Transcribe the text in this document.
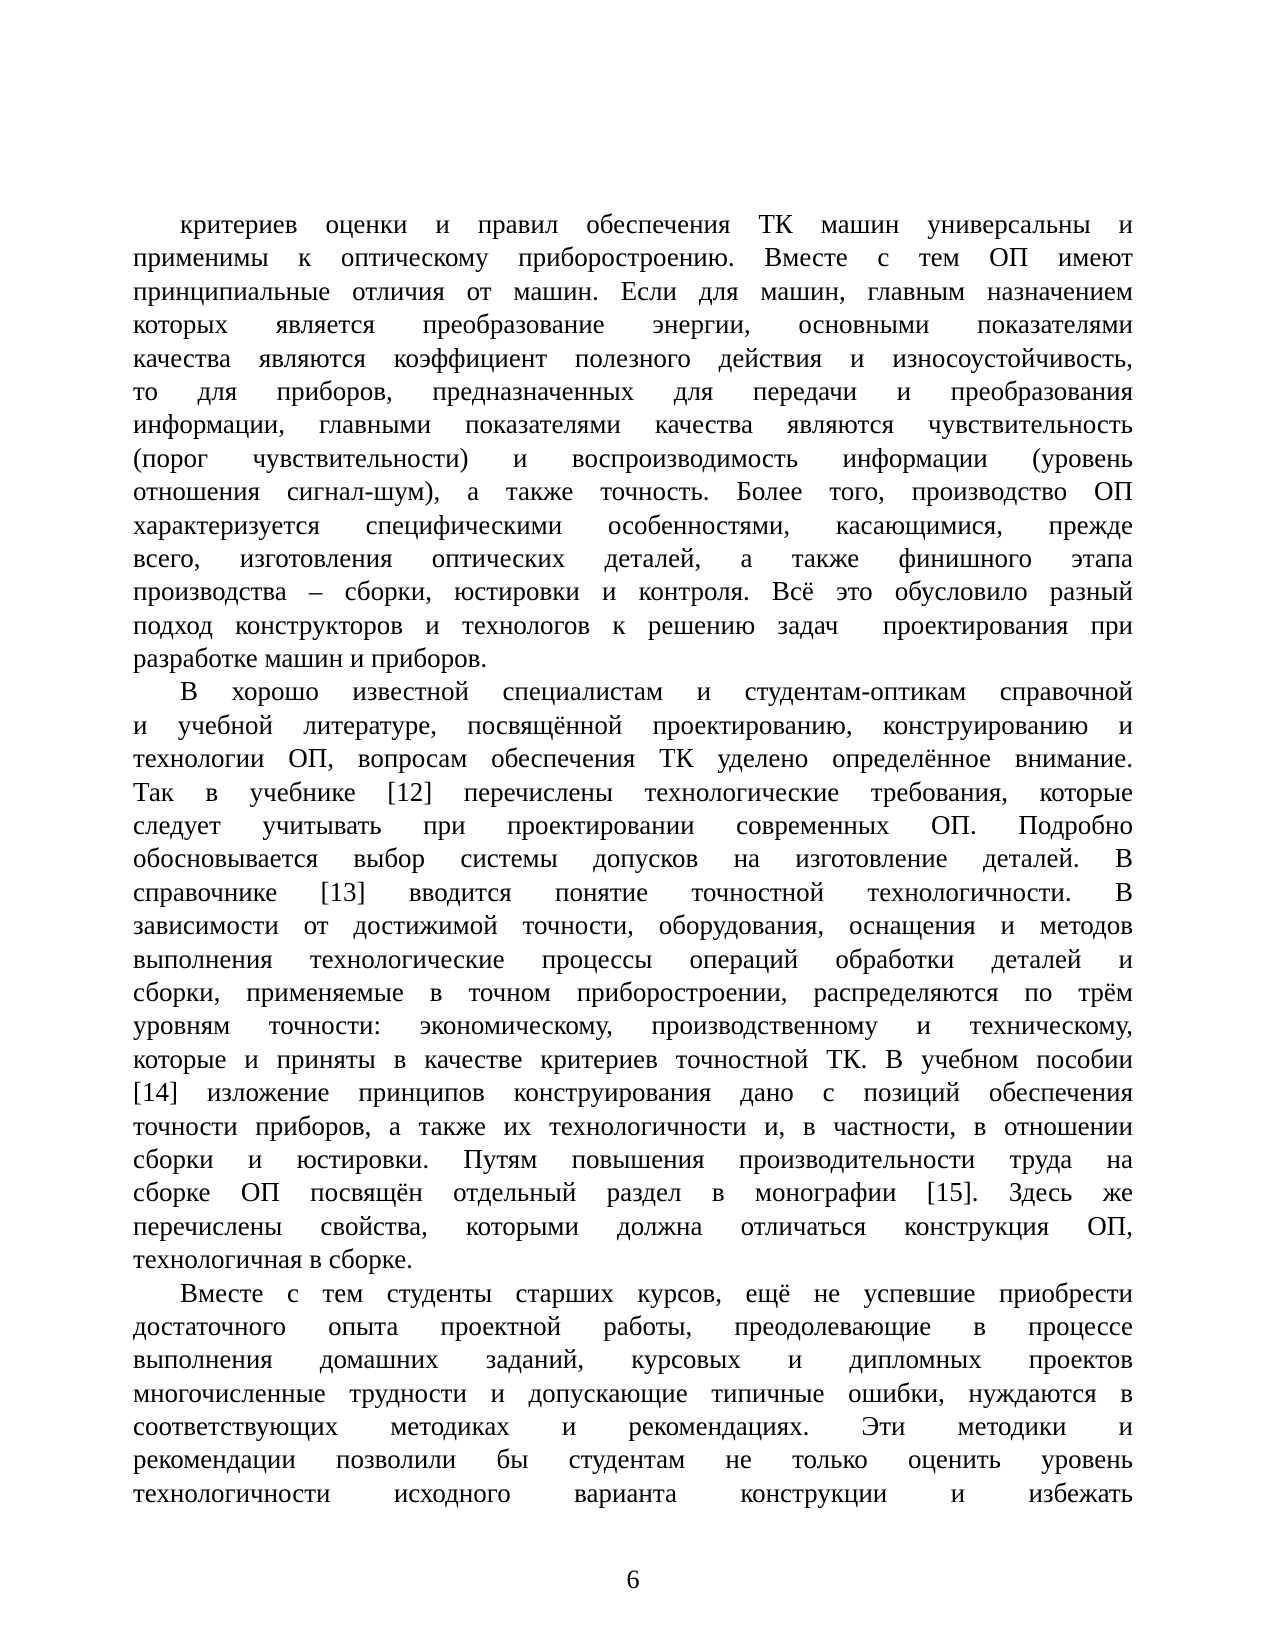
критериев оценки и правил обеспечения ТК машин универсальны и
применимы к оптическому приборостроению. Вместе с тем ОП имеют
принципиальные отличия от машин. Если для машин, главным назначением
которых является преобразование энергии, основными показателями
качества являются коэффициент полезного действия и износоустойчивость,
то для приборов, предназначенных для передачи и преобразования
информации, главными показателями качества являются чувствительность
(порог чувствительности) и воспроизводимость информации (уровень
отношения сигнал-шум), а также точность. Более того, производство ОП
характеризуется специфическими особенностями, касающимися, прежде
всего, изготовления оптических деталей, а также финишного этапа
производства – сборки, юстировки и контроля. Всё это обусловило разный
подход конструкторов и технологов к решению задач  проектирования при
разработке машин и приборов.
В хорошо известной специалистам и студентам-оптикам справочной
и учебной литературе, посвящённой проектированию, конструированию и
технологии ОП, вопросам обеспечения ТК уделено определённое внимание.
Так в учебнике [12] перечислены технологические требования, которые
следует учитывать при проектировании современных ОП. Подробно
обосновывается выбор системы допусков на изготовление деталей. В
справочнике [13] вводится понятие точностной технологичности. В
зависимости от достижимой точности, оборудования, оснащения и методов
выполнения технологические процессы операций обработки деталей и
сборки, применяемые в точном приборостроении, распределяются по трём
уровням точности: экономическому, производственному и техническому,
которые и приняты в качестве критериев точностной ТК. В учебном пособии
[14] изложение принципов конструирования дано с позиций обеспечения
точности приборов, а также их технологичности и, в частности, в отношении
сборки и юстировки. Путям повышения производительности труда на
сборке ОП посвящён отдельный раздел в монографии [15]. Здесь же
перечислены свойства, которыми должна отличаться конструкция ОП,
технологичная в сборке.
Вместе с тем студенты старших курсов, ещё не успевшие приобрести
достаточного опыта проектной работы, преодолевающие в процессе
выполнения домашних заданий, курсовых и дипломных проектов
многочисленные трудности и допускающие типичные ошибки, нуждаются в
соответствующих методиках и рекомендациях. Эти методики и
рекомендации позволили бы студентам не только оценить уровень
технологичности исходного варианта конструкции и избежать
6
